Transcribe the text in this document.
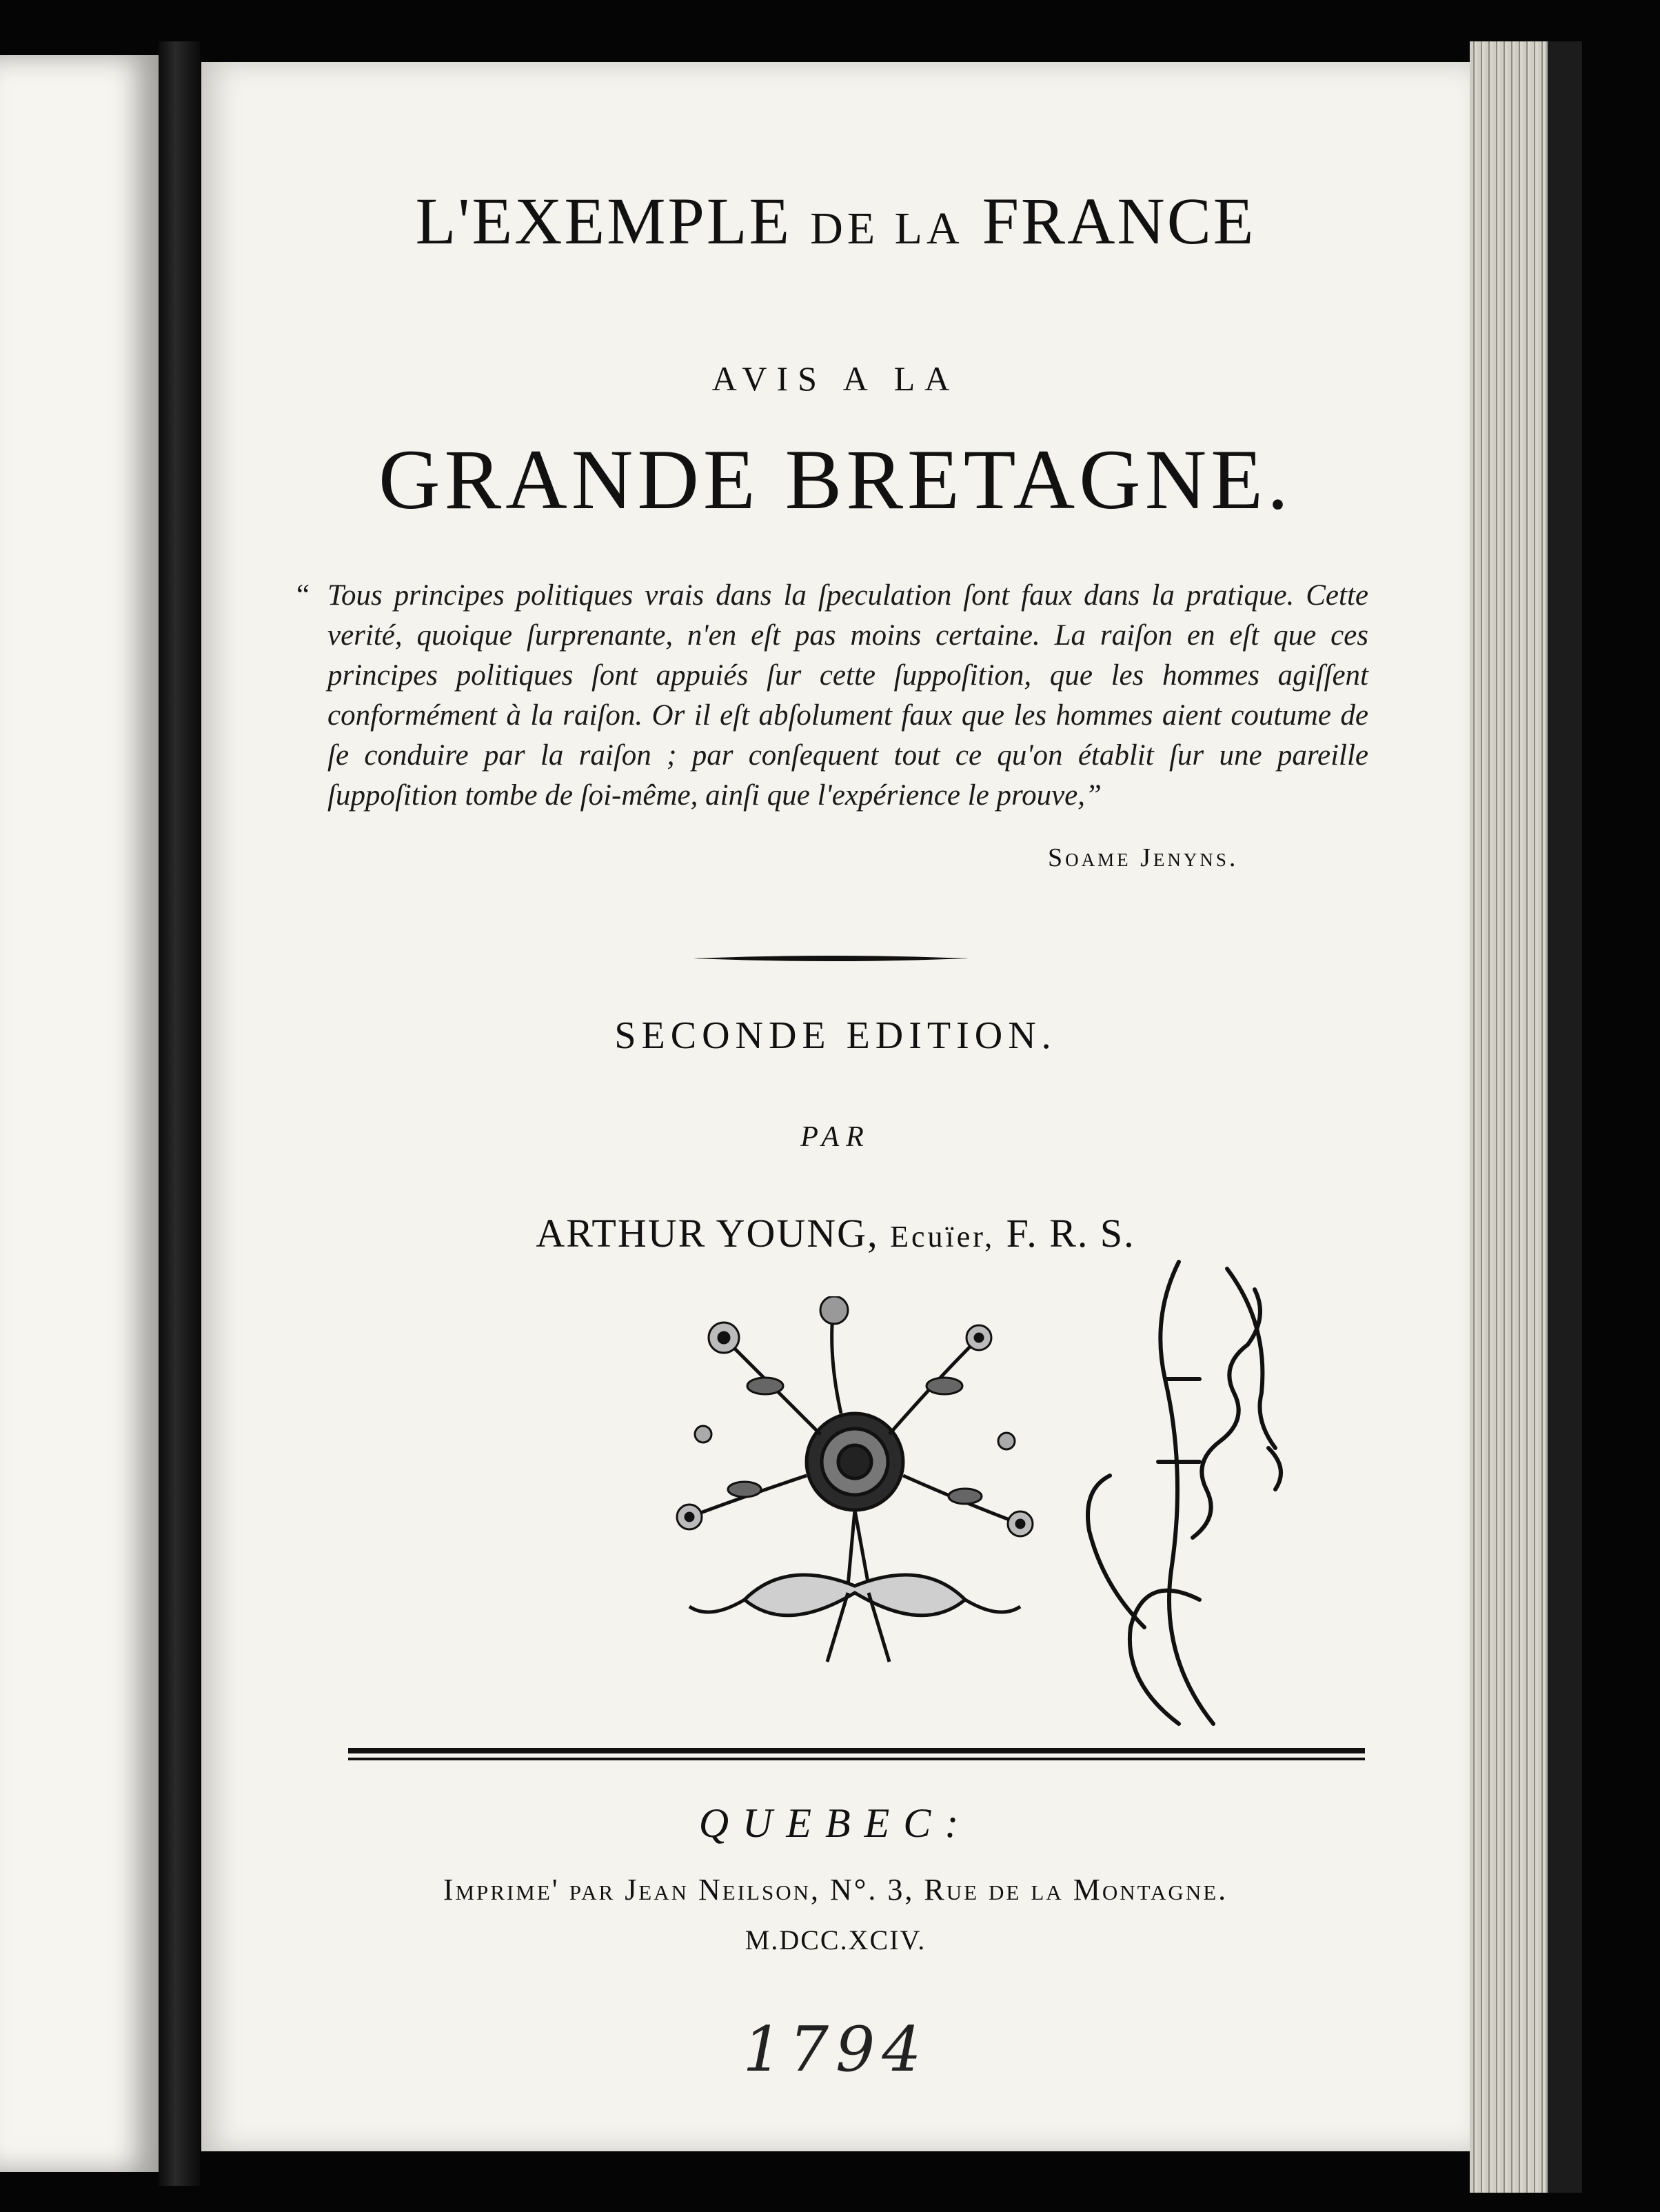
L'EXEMPLE DE LA FRANCE
AVIS A LA
GRANDE BRETAGNE.
“ Tous principes politiques vrais dans la ſpeculation ſont faux dans la pratique. Cette verité, quoique ſurprenante, n'en eſt pas moins certaine. La raiſon en eſt que ces principes politiques ſont appuiés ſur cette ſuppoſition, que les hommes agiſſent conformément à la raiſon. Or il eſt abſolument faux que les hommes aient coutume de ſe conduire par la raiſon ; par conſequent tout ce qu'on établit ſur une pareille ſuppoſition tombe de ſoi-même, ainſi que l'expérience le prouve,”
Soame Jenyns.
SECONDE EDITION.
PAR
ARTHUR YOUNG, Ecuïer, F. R. S.
QUEBEC:
Imprime' par Jean Neilson, N°. 3, Rue de la Montagne.
M.DCC.XCIV.
1794
